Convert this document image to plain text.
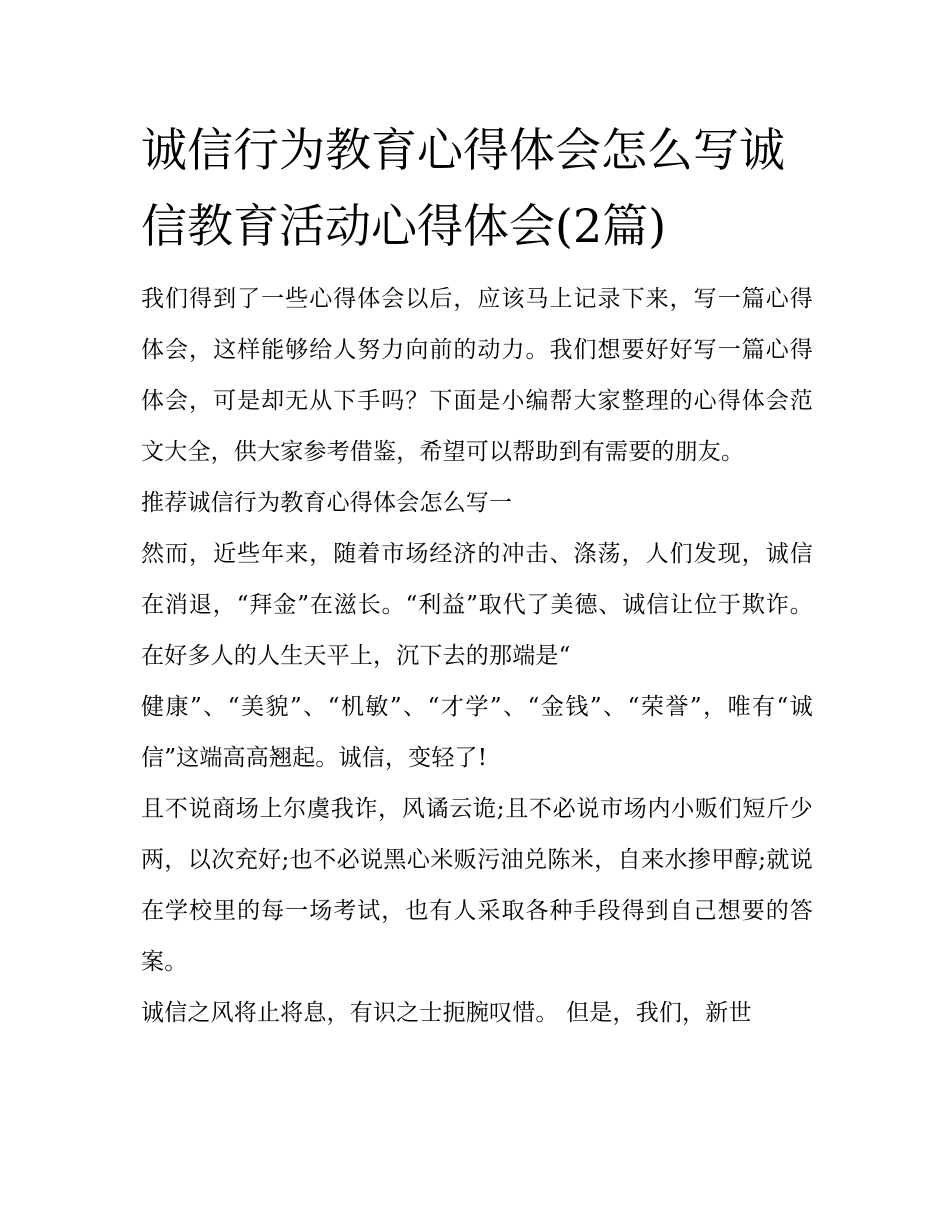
诚信行为教育心得体会怎么写诚信教育活动心得体会(2篇)

我们得到了一些心得体会以后，应该马上记录下来，写一篇心得体会，这样能够给人努力向前的动力。我们想要好好写一篇心得体会，可是却无从下手吗？下面是小编帮大家整理的心得体会范文大全，供大家参考借鉴，希望可以帮助到有需要的朋友。

推荐诚信行为教育心得体会怎么写一

然而，近些年来，随着市场经济的冲击、涤荡，人们发现，诚信在消退，“拜金”在滋长。“利益”取代了美德、诚信让位于欺诈。在好多人的人生天平上，沉下去的那端是“

健康”、“美貌”、“机敏”、“才学”、“金钱”、“荣誉”，唯有“诚信”这端高高翘起。诚信，变轻了!

且不说商场上尔虞我诈，风谲云诡;且不必说市场内小贩们短斤少两，以次充好;也不必说黑心米贩污油兑陈米，自来水掺甲醇;就说在学校里的每一场考试，也有人采取各种手段得到自己想要的答案。

诚信之风将止将息，有识之士扼腕叹惜。 但是，我们，新世
